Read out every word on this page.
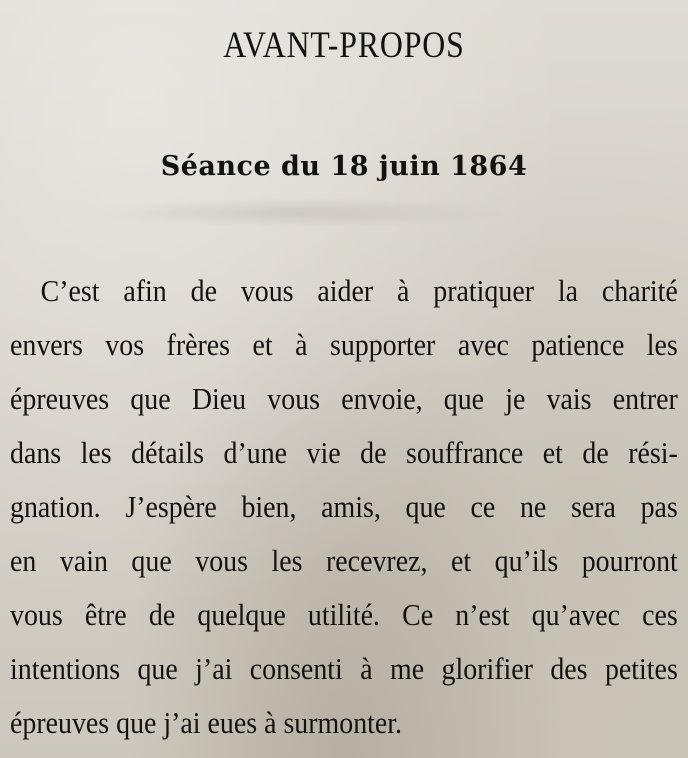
AVANT-PROPOS
Séance du 18 juin 1864
C’est afin de vous aider à pratiquer la charité
envers vos frères et à supporter avec patience les
épreuves que Dieu vous envoie, que je vais entrer
dans les détails d’une vie de souffrance et de rési-
gnation. J’espère bien, amis, que ce ne sera pas
en vain que vous les recevrez, et qu’ils pourront
vous être de quelque utilité. Ce n’est qu’avec ces
intentions que j’ai consenti à me glorifier des petites
épreuves que j’ai eues à surmonter.
